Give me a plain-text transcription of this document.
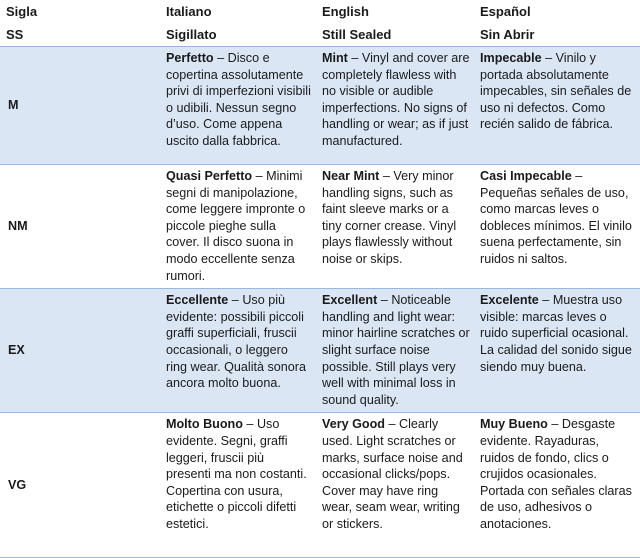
Sigla	Italiano	English	Español
SS	Sigillato	Still Sealed	Sin Abrir
M	Perfetto – Disco e copertina assolutamente privi di imperfezioni visibili o udibili. Nessun segno d’uso. Come appena uscito dalla fabbrica.	Mint – Vinyl and cover are completely flawless with no visible or audible imperfections. No signs of handling or wear; as if just manufactured.	Impecable – Vinilo y portada absolutamente impecables, sin señales de uso ni defectos. Como recién salido de fábrica.
NM	Quasi Perfetto – Minimi segni di manipolazione, come leggere impronte o piccole pieghe sulla cover. Il disco suona in modo eccellente senza rumori.	Near Mint – Very minor handling signs, such as faint sleeve marks or a tiny corner crease. Vinyl plays flawlessly without noise or skips.	Casi Impecable – Pequeñas señales de uso, como marcas leves o dobleces mínimos. El vinilo suena perfectamente, sin ruidos ni saltos.
EX	Eccellente – Uso più evidente: possibili piccoli graffi superficiali, fruscii occasionali, o leggero ring wear. Qualità sonora ancora molto buona.	Excellent – Noticeable handling and light wear: minor hairline scratches or slight surface noise possible. Still plays very well with minimal loss in sound quality.	Excelente – Muestra uso visible: marcas leves o ruido superficial ocasional. La calidad del sonido sigue siendo muy buena.
VG	Molto Buono – Uso evidente. Segni, graffi leggeri, fruscii più presenti ma non costanti. Copertina con usura, etichette o piccoli difetti estetici.	Very Good – Clearly used. Light scratches or marks, surface noise and occasional clicks/pops. Cover may have ring wear, seam wear, writing or stickers.	Muy Bueno – Desgaste evidente. Rayaduras, ruidos de fondo, clics o crujidos ocasionales. Portada con señales claras de uso, adhesivos o anotaciones.
